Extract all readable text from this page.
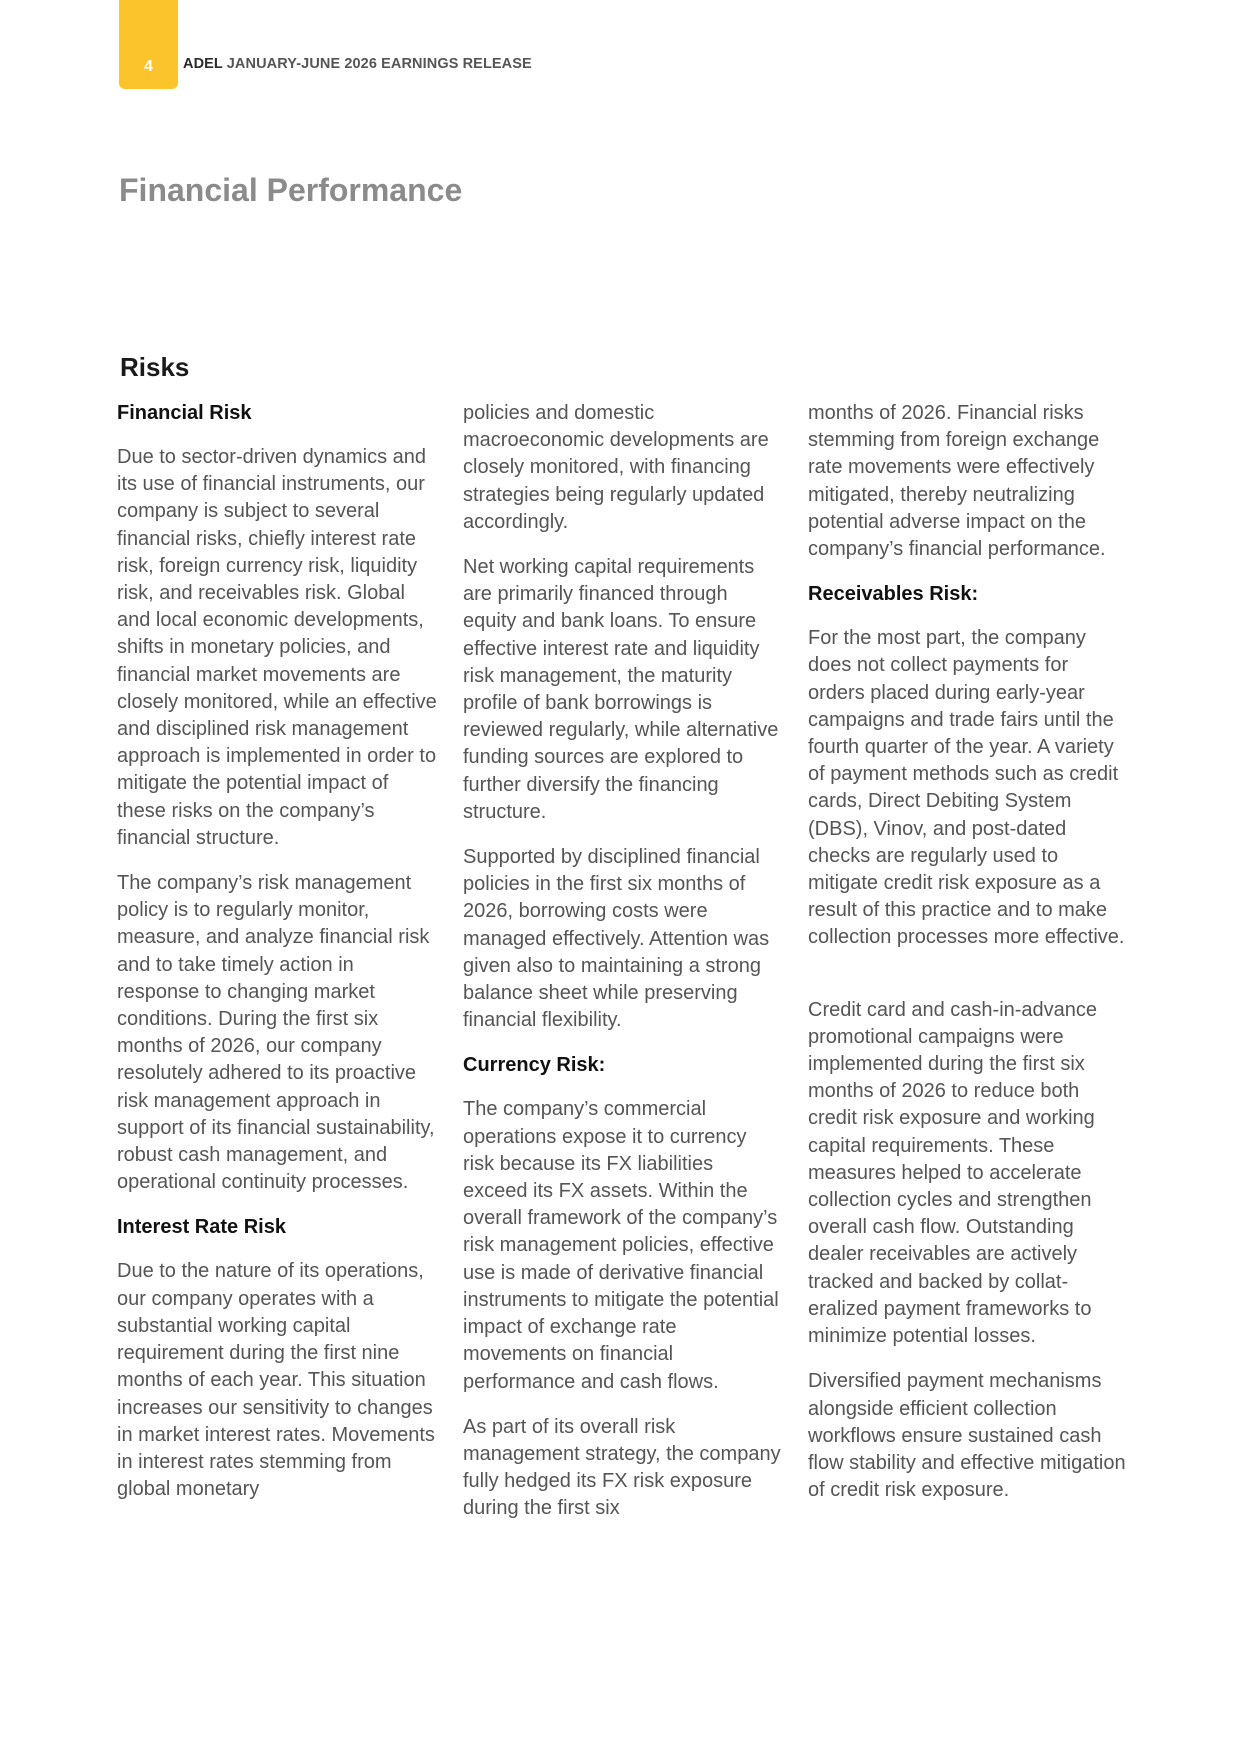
4	ADEL JANUARY-JUNE 2026 EARNINGS RELEASE
Financial Performance
Risks
Financial Risk

Due to sector-driven dynamics and its use of financial instruments, our company is subject to several financial risks, chiefly interest rate risk, foreign currency risk, liquidity risk, and receivables risk. Global and local economic developments, shifts in monetary policies, and financial market movements are closely monitored, while an effective and disciplined risk management approach is implemented in order to mitigate the potential impact of these risks on the company’s financial structure.

The company’s risk management policy is to regularly monitor, measure, and analyze financial risk and to take timely action in response to changing market conditions. During the first six months of 2026, our company resolutely adhered to its proactive risk management approach in support of its financial sustainability, robust cash management, and operational continuity processes.

Interest Rate Risk

Due to the nature of its operations, our company operates with a substantial working capital requirement during the first nine months of each year. This situation increases our sensitivity to changes in market interest rates. Movements in interest rates stemming from global monetary

policies and domestic macroeconomic developments are closely monitored, with financing strategies being regularly updated accordingly.

Net working capital requirements are primarily financed through equity and bank loans. To ensure effective interest rate and liquidity risk management, the maturity profile of bank borrowings is reviewed regularly, while alternative funding sources are explored to further diversify the financing structure.

Supported by disciplined financial policies in the first six months of 2026, borrowing costs were managed effectively. Attention was given also to maintaining a strong balance sheet while preserving financial flexibility.

Currency Risk:

The company’s commercial operations expose it to currency risk because its FX liabilities exceed its FX assets. Within the overall framework of the company’s risk management policies, effective use is made of derivative financial instruments to mitigate the potential impact of exchange rate movements on financial performance and cash flows.

As part of its overall risk management strategy, the company fully hedged its FX risk exposure during the first six

months of 2026. Financial risks stemming from foreign exchange rate movements were effectively mitigated, thereby neutralizing potential adverse impact on the company’s financial performance.

Receivables Risk:

For the most part, the company does not collect payments for orders placed during early-year campaigns and trade fairs until the fourth quarter of the year. A variety of payment methods such as credit cards, Direct Debiting System (DBS), Vinov, and post-dated checks are regularly used to mitigate credit risk exposure as a result of this practice and to make collection processes more effective.

Credit card and cash-in-advance promotional campaigns were implemented during the first six months of 2026 to reduce both credit risk exposure and working capital requirements. These measures helped to accelerate collection cycles and strengthen overall cash flow. Outstanding dealer receivables are actively tracked and backed by collat-eralized payment frameworks to minimize potential losses.

Diversified payment mechanisms alongside efficient collection workflows ensure sustained cash flow stability and effective mitigation of credit risk exposure.
